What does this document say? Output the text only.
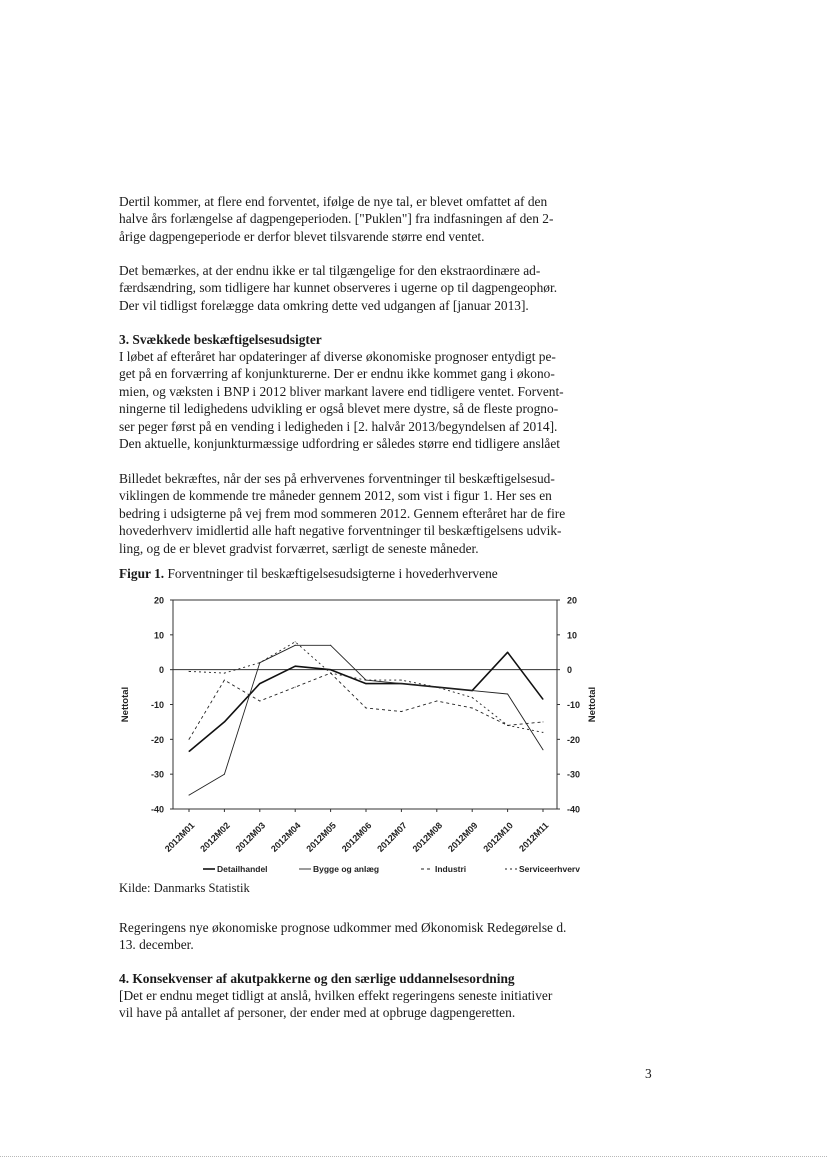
Dertil kommer, at flere end forventet, ifølge de nye tal, er blevet omfattet af den
halve års forlængelse af dagpengeperioden. ["Puklen"] fra indfasningen af den 2-
årige dagpengeperiode er derfor blevet tilsvarende større end ventet.
Det bemærkes, at der endnu ikke er tal tilgængelige for den ekstraordinære ad-
færdsændring, som tidligere har kunnet observeres i ugerne op til dagpengeophør.
Der vil tidligst forelægge data omkring dette ved udgangen af [januar 2013].
3. Svækkede beskæftigelsesudsigter
I løbet af efteråret har opdateringer af diverse økonomiske prognoser entydigt pe-
get på en forværring af konjunkturerne. Der er endnu ikke kommet gang i økono-
mien, og væksten i BNP i 2012 bliver markant lavere end tidligere ventet. Forvent-
ningerne til ledighedens udvikling er også blevet mere dystre, så de fleste progno-
ser peger først på en vending i ledigheden i [2. halvår 2013/begyndelsen af 2014].
Den aktuelle, konjunkturmæssige udfordring er således større end tidligere anslået
Billedet bekræftes, når der ses på erhvervenes forventninger til beskæftigelsesud-
viklingen de kommende tre måneder gennem 2012, som vist i figur 1. Her ses en
bedring i udsigterne på vej frem mod sommeren 2012. Gennem efteråret har de fire
hovederhverv imidlertid alle haft negative forventninger til beskæftigelsens udvik-
ling, og de er blevet gradvist forværret, særligt de seneste måneder.
Figur 1. Forventninger til beskæftigelsesudsigterne i hovederhvervene
20	20
10	10
0	0
-10	-10
-20	-20
-30	-30
-40	-40
Nettotal	Nettotal
2012M01 2012M02 2012M03 2012M04 2012M05 2012M06 2012M07 2012M08 2012M09 2012M10 2012M11
Detailhandel	Bygge og anlæg	Industri	Serviceerhverv
Kilde: Danmarks Statistik
Regeringens nye økonomiske prognose udkommer med Økonomisk Redegørelse d.
13. december.
4. Konsekvenser af akutpakkerne og den særlige uddannelsesordning
[Det er endnu meget tidligt at anslå, hvilken effekt regeringens seneste initiativer
vil have på antallet af personer, der ender med at opbruge dagpengeretten.
3
